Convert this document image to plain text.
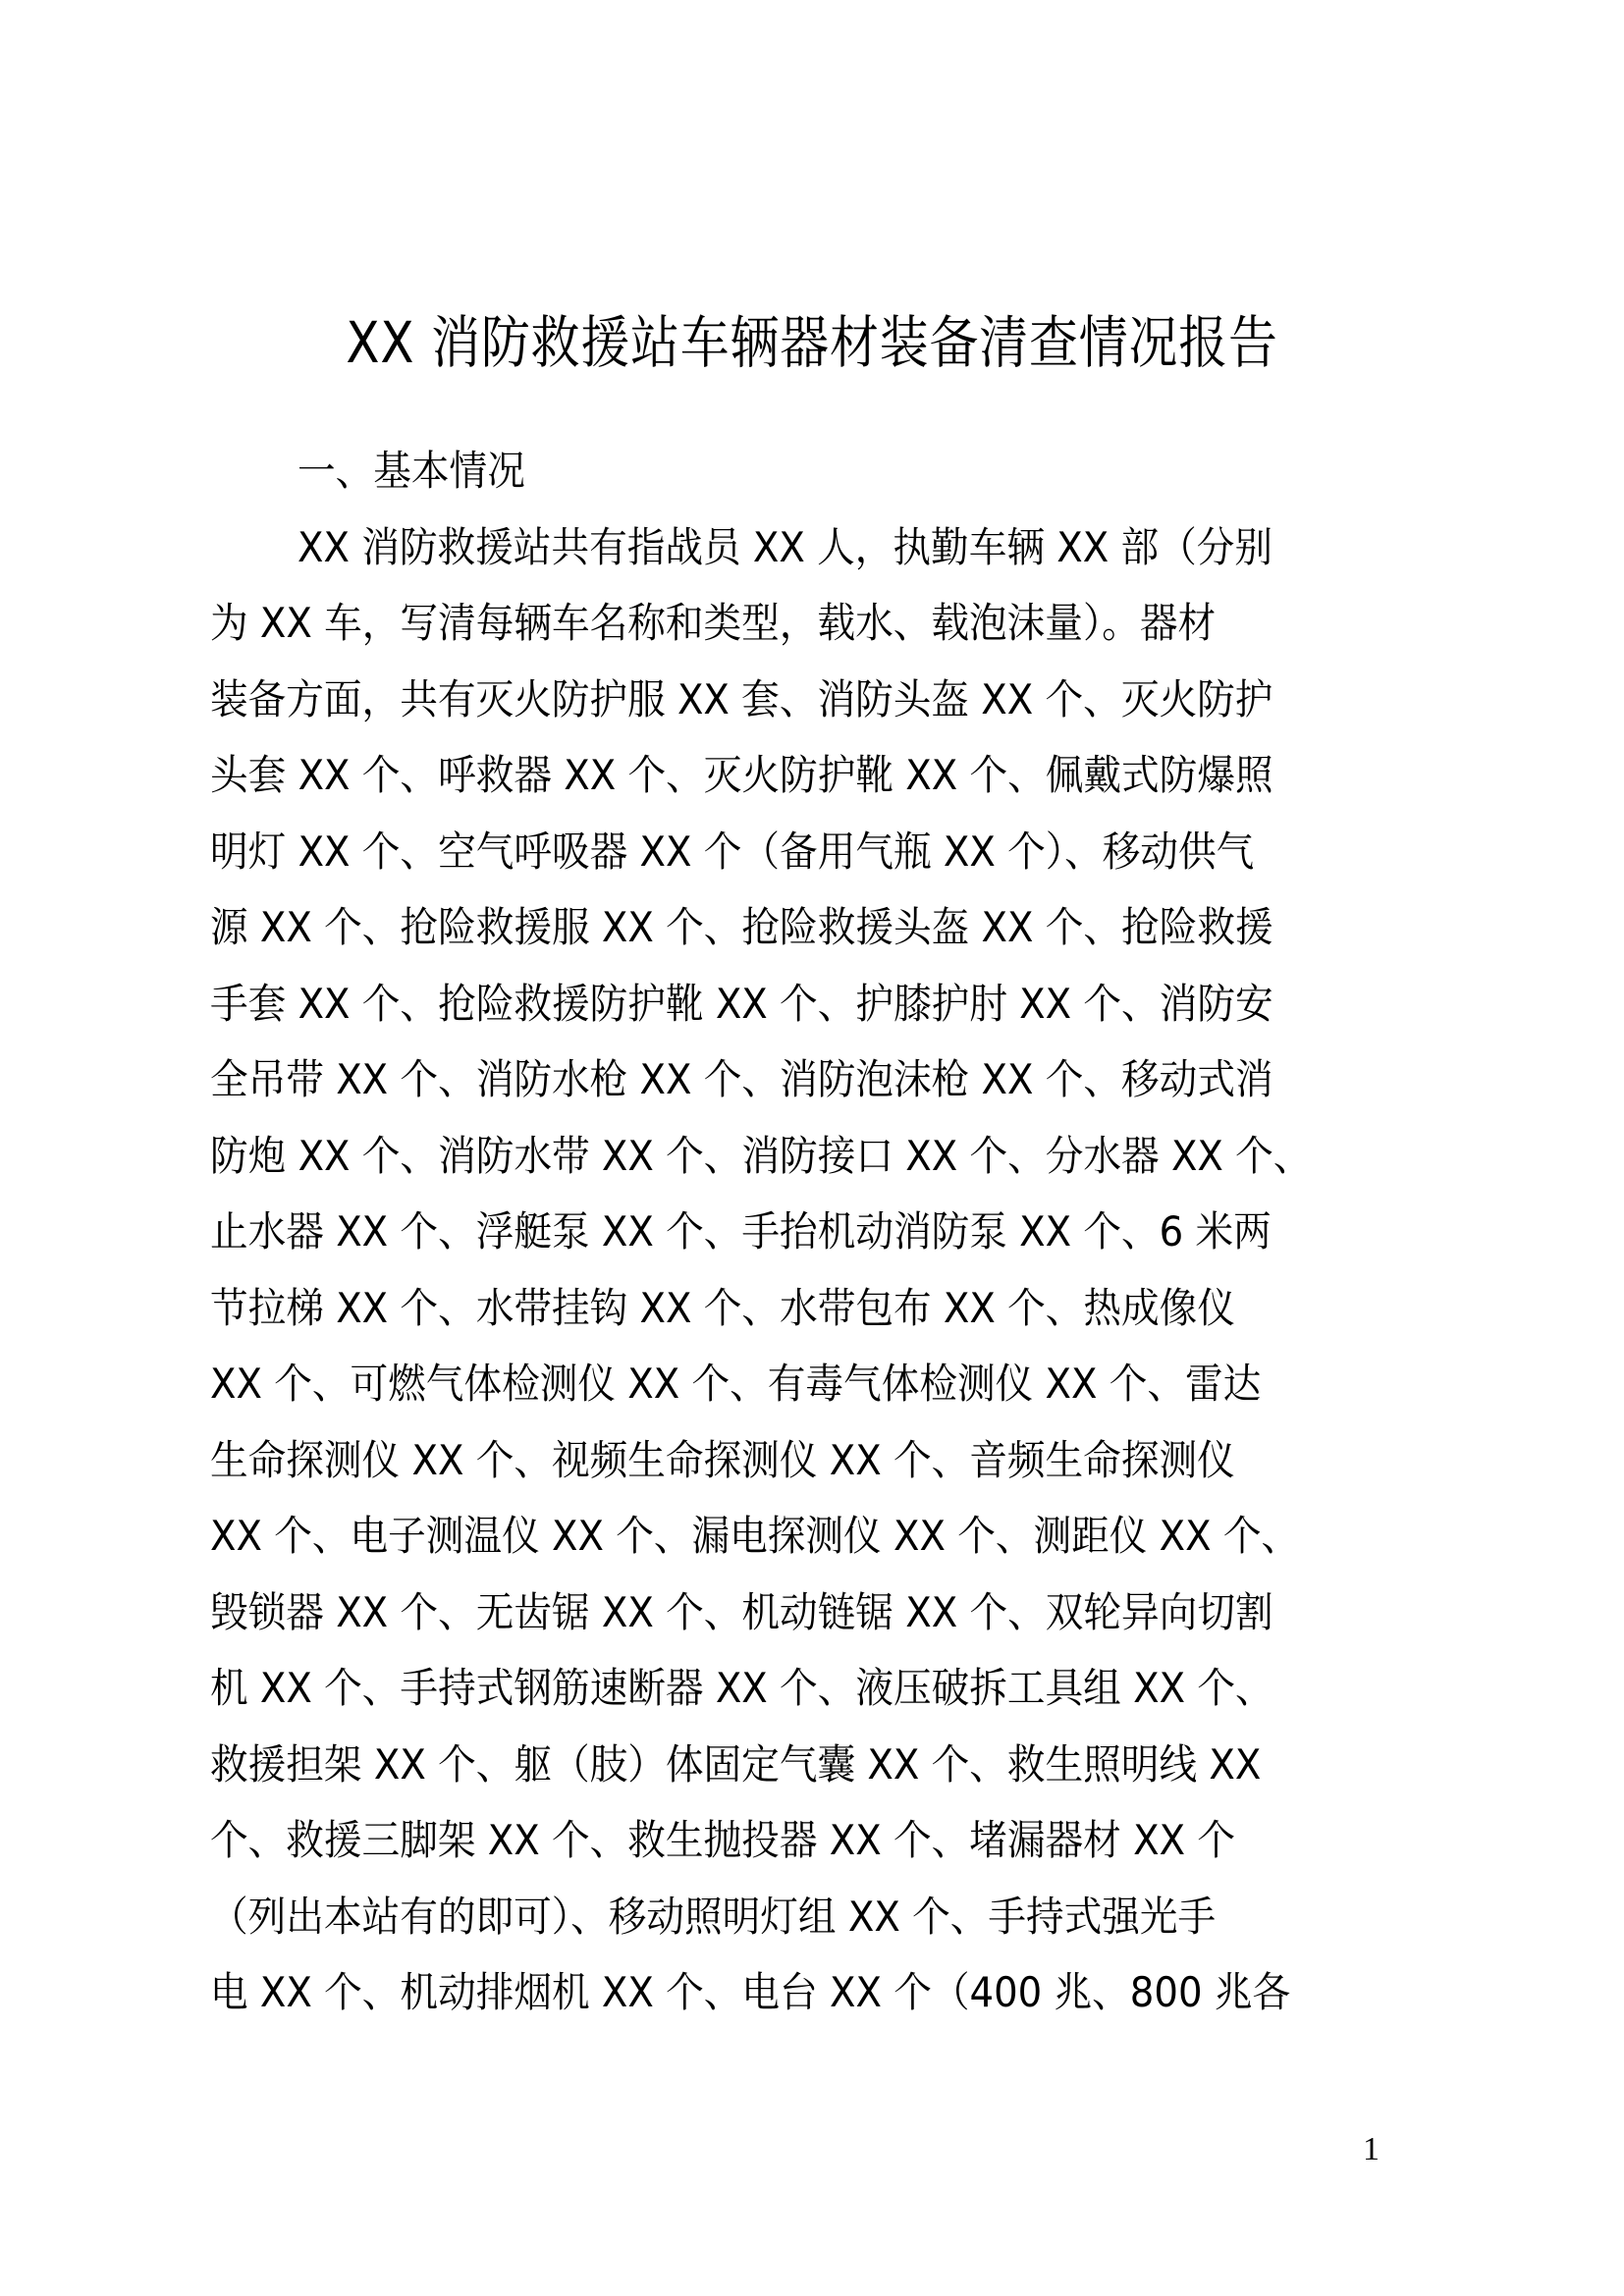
XX 消防救援站车辆器材装备清查情况报告
一、基本情况
XX 消防救援站共有指战员 XX 人，执勤车辆 XX 部（分别
为 XX 车，写清每辆车名称和类型，载水、载泡沫量）。器材
装备方面，共有灭火防护服 XX 套、消防头盔 XX 个、灭火防护
头套 XX 个、呼救器 XX 个、灭火防护靴 XX 个、佩戴式防爆照
明灯 XX 个、空气呼吸器 XX 个（备用气瓶 XX 个）、移动供气
源 XX 个、抢险救援服 XX 个、抢险救援头盔 XX 个、抢险救援
手套 XX 个、抢险救援防护靴 XX 个、护膝护肘 XX 个、消防安
全吊带 XX 个、消防水枪 XX 个、消防泡沫枪 XX 个、移动式消
防炮 XX 个、消防水带 XX 个、消防接口 XX 个、分水器 XX 个、
止水器 XX 个、浮艇泵 XX 个、手抬机动消防泵 XX 个、6 米两
节拉梯 XX 个、水带挂钩 XX 个、水带包布 XX 个、热成像仪
XX 个、可燃气体检测仪 XX 个、有毒气体检测仪 XX 个、雷达
生命探测仪 XX 个、视频生命探测仪 XX 个、音频生命探测仪
XX 个、电子测温仪 XX 个、漏电探测仪 XX 个、测距仪 XX 个、
毁锁器 XX 个、无齿锯 XX 个、机动链锯 XX 个、双轮异向切割
机 XX 个、手持式钢筋速断器 XX 个、液压破拆工具组 XX 个、
救援担架 XX 个、躯（肢）体固定气囊 XX 个、救生照明线 XX
个、救援三脚架 XX 个、救生抛投器 XX 个、堵漏器材 XX 个
（列出本站有的即可）、移动照明灯组 XX 个、手持式强光手
电 XX 个、机动排烟机 XX 个、电台 XX 个（400 兆、800 兆各
1
